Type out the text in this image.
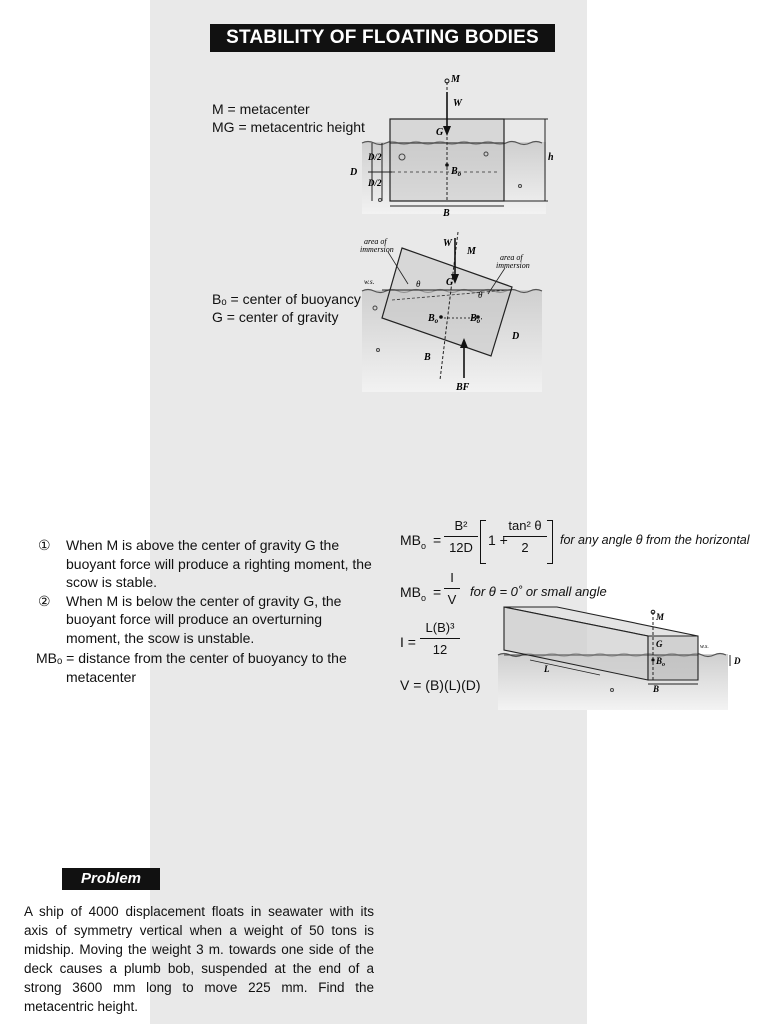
STABILITY OF FLOATING BODIES
M = metacenter
MG = metacentric height
Bₒ = center of buoyancy
G = center of gravity
M
W
G
h
D
D/2
D/2
$B_o$
B
area of
immersion
area of
immersion
W
M
G
θ
θ
w.s.
$B_o$	$B_{o'}$
D
B
BF
① When M is above the center of gravity G the buoyant force will produce a righting moment, the scow is stable.
② When M is below the center of gravity G, the buoyant force will produce an overturning moment, the scow is unstable.
MBₒ = distance from the center of buoyancy to the metacenter
$MB_o$ =
B²
12D	1 +
tan² θ
2	for any angle θ from the horizontal
$MB_o$ =
I
V
for θ = 0˚ or small angle
I =
L(B)³
12
V = (B)(L)(D)
M
G
$B_o$
w.s.
D
L
B
Problem
A ship of 4000 displacement floats in seawater with its axis of symmetry vertical when a weight of 50 tons is midship. Moving the weight 3 m. towards one side of the deck causes a plumb bob, suspended at the end of a strong 3600 mm long to move 225 mm. Find the metacentric height.
